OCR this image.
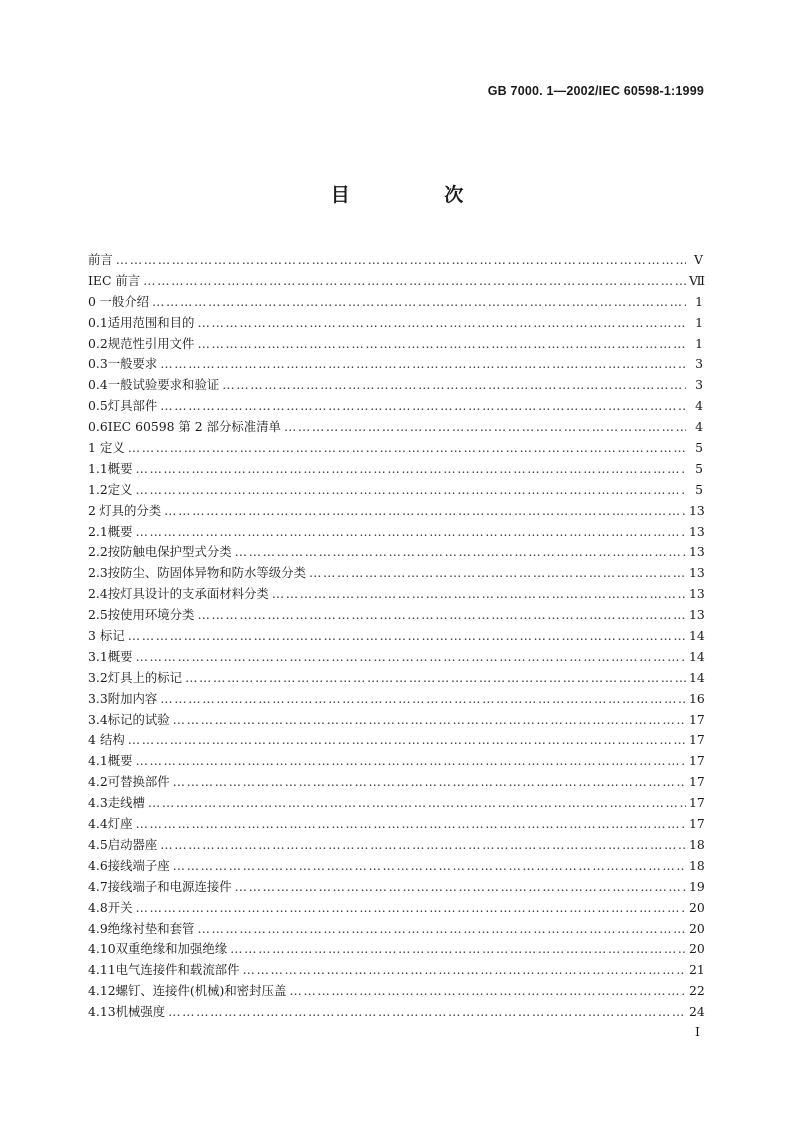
GB 7000. 1—2002/IEC 60598-1:1999
目 次
前言 ……………………………………………………………………………………………………………………………………………………………………………………………………………………	Ⅴ
IEC 前言 ……………………………………………………………………………………………………………………………………………………………………………………………………………………	Ⅶ
0 一般介绍 ……………………………………………………………………………………………………………………………………………………………………………………………………………………	1
0.1 适用范围和目的 ……………………………………………………………………………………………………………………………………………………………………………………………………………………	1
0.2 规范性引用文件 ……………………………………………………………………………………………………………………………………………………………………………………………………………………	1
0.3 一般要求 ……………………………………………………………………………………………………………………………………………………………………………………………………………………	3
0.4 一般试验要求和验证 ……………………………………………………………………………………………………………………………………………………………………………………………………………………	3
0.5 灯具部件 ……………………………………………………………………………………………………………………………………………………………………………………………………………………	4
0.6 IEC 60598 第 2 部分标准清单 ……………………………………………………………………………………………………………………………………………………………………………………………………………………	4
1 定义 ……………………………………………………………………………………………………………………………………………………………………………………………………………………	5
1.1 概要 ……………………………………………………………………………………………………………………………………………………………………………………………………………………	5
1.2 定义 ……………………………………………………………………………………………………………………………………………………………………………………………………………………	5
2 灯具的分类 ……………………………………………………………………………………………………………………………………………………………………………………………………………………	13
2.1 概要 ……………………………………………………………………………………………………………………………………………………………………………………………………………………	13
2.2 按防触电保护型式分类 ……………………………………………………………………………………………………………………………………………………………………………………………………………………	13
2.3 按防尘、防固体异物和防水等级分类 ……………………………………………………………………………………………………………………………………………………………………………………………………………………	13
2.4 按灯具设计的支承面材料分类 ……………………………………………………………………………………………………………………………………………………………………………………………………………………	13
2.5 按使用环境分类 ……………………………………………………………………………………………………………………………………………………………………………………………………………………	13
3 标记 ……………………………………………………………………………………………………………………………………………………………………………………………………………………	14
3.1 概要 ……………………………………………………………………………………………………………………………………………………………………………………………………………………	14
3.2 灯具上的标记 ……………………………………………………………………………………………………………………………………………………………………………………………………………………	14
3.3 附加内容 ……………………………………………………………………………………………………………………………………………………………………………………………………………………	16
3.4 标记的试验 ……………………………………………………………………………………………………………………………………………………………………………………………………………………	17
4 结构 ……………………………………………………………………………………………………………………………………………………………………………………………………………………	17
4.1 概要 ……………………………………………………………………………………………………………………………………………………………………………………………………………………	17
4.2 可替换部件 ……………………………………………………………………………………………………………………………………………………………………………………………………………………	17
4.3 走线槽 ……………………………………………………………………………………………………………………………………………………………………………………………………………………	17
4.4 灯座 ……………………………………………………………………………………………………………………………………………………………………………………………………………………	17
4.5 启动器座 ……………………………………………………………………………………………………………………………………………………………………………………………………………………	18
4.6 接线端子座 ……………………………………………………………………………………………………………………………………………………………………………………………………………………	18
4.7 接线端子和电源连接件 ……………………………………………………………………………………………………………………………………………………………………………………………………………………	19
4.8 开关 ……………………………………………………………………………………………………………………………………………………………………………………………………………………	20
4.9 绝缘衬垫和套管 ……………………………………………………………………………………………………………………………………………………………………………………………………………………	20
4.10 双重绝缘和加强绝缘 ……………………………………………………………………………………………………………………………………………………………………………………………………………………	20
4.11 电气连接件和载流部件 ……………………………………………………………………………………………………………………………………………………………………………………………………………………	21
4.12 螺钉、连接件(机械)和密封压盖 ……………………………………………………………………………………………………………………………………………………………………………………………………………………	22
4.13 机械强度 ……………………………………………………………………………………………………………………………………………………………………………………………………………………	24
Ⅰ
